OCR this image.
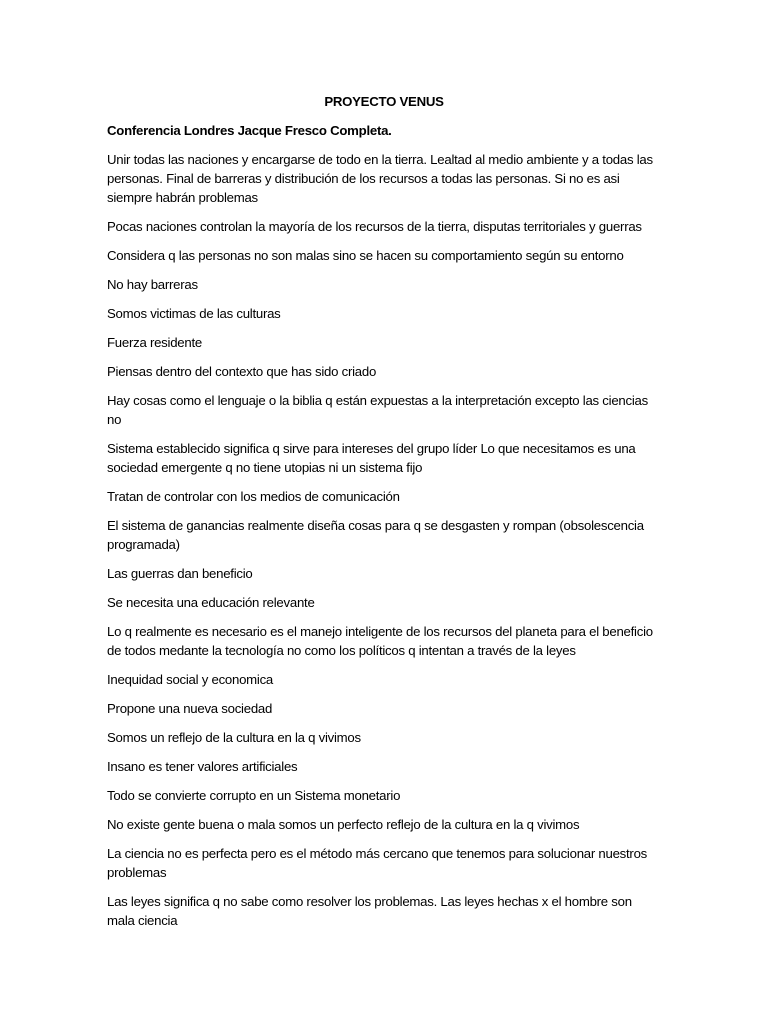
PROYECTO VENUS

Conferencia Londres Jacque Fresco Completa.

Unir todas las naciones y encargarse de todo en la tierra. Lealtad al medio ambiente y a todas las personas. Final de barreras y distribución de los recursos a todas las personas. Si no es asi siempre habrán problemas

Pocas naciones controlan la mayoría de los recursos de la tierra, disputas territoriales y guerras

Considera q las personas no son malas sino se hacen su comportamiento según su entorno

No hay barreras

Somos victimas de las culturas

Fuerza residente

Piensas dentro del contexto que has sido criado

Hay cosas como el lenguaje o la biblia q están expuestas a la interpretación excepto las ciencias no

Sistema establecido significa q sirve para intereses del grupo líder Lo que necesitamos es una sociedad emergente q no tiene utopias ni un sistema fijo

Tratan de controlar con los medios de comunicación

El sistema de ganancias realmente diseña cosas para q se desgasten y rompan (obsolescencia programada)

Las guerras dan beneficio

Se necesita una educación relevante

Lo q realmente es necesario es el manejo inteligente de los recursos del planeta para el beneficio de todos medante la tecnología no como los políticos q intentan a través de la leyes

Inequidad social y economica

Propone una nueva sociedad

Somos un reflejo de la cultura en la q vivimos

Insano es tener valores artificiales

Todo se convierte corrupto en un Sistema monetario

No existe gente buena o mala somos un perfecto reflejo de la cultura en la q vivimos

La ciencia no es perfecta pero es el método más cercano que tenemos para solucionar nuestros problemas

Las leyes significa q no sabe como resolver los problemas. Las leyes hechas x el hombre son mala ciencia
